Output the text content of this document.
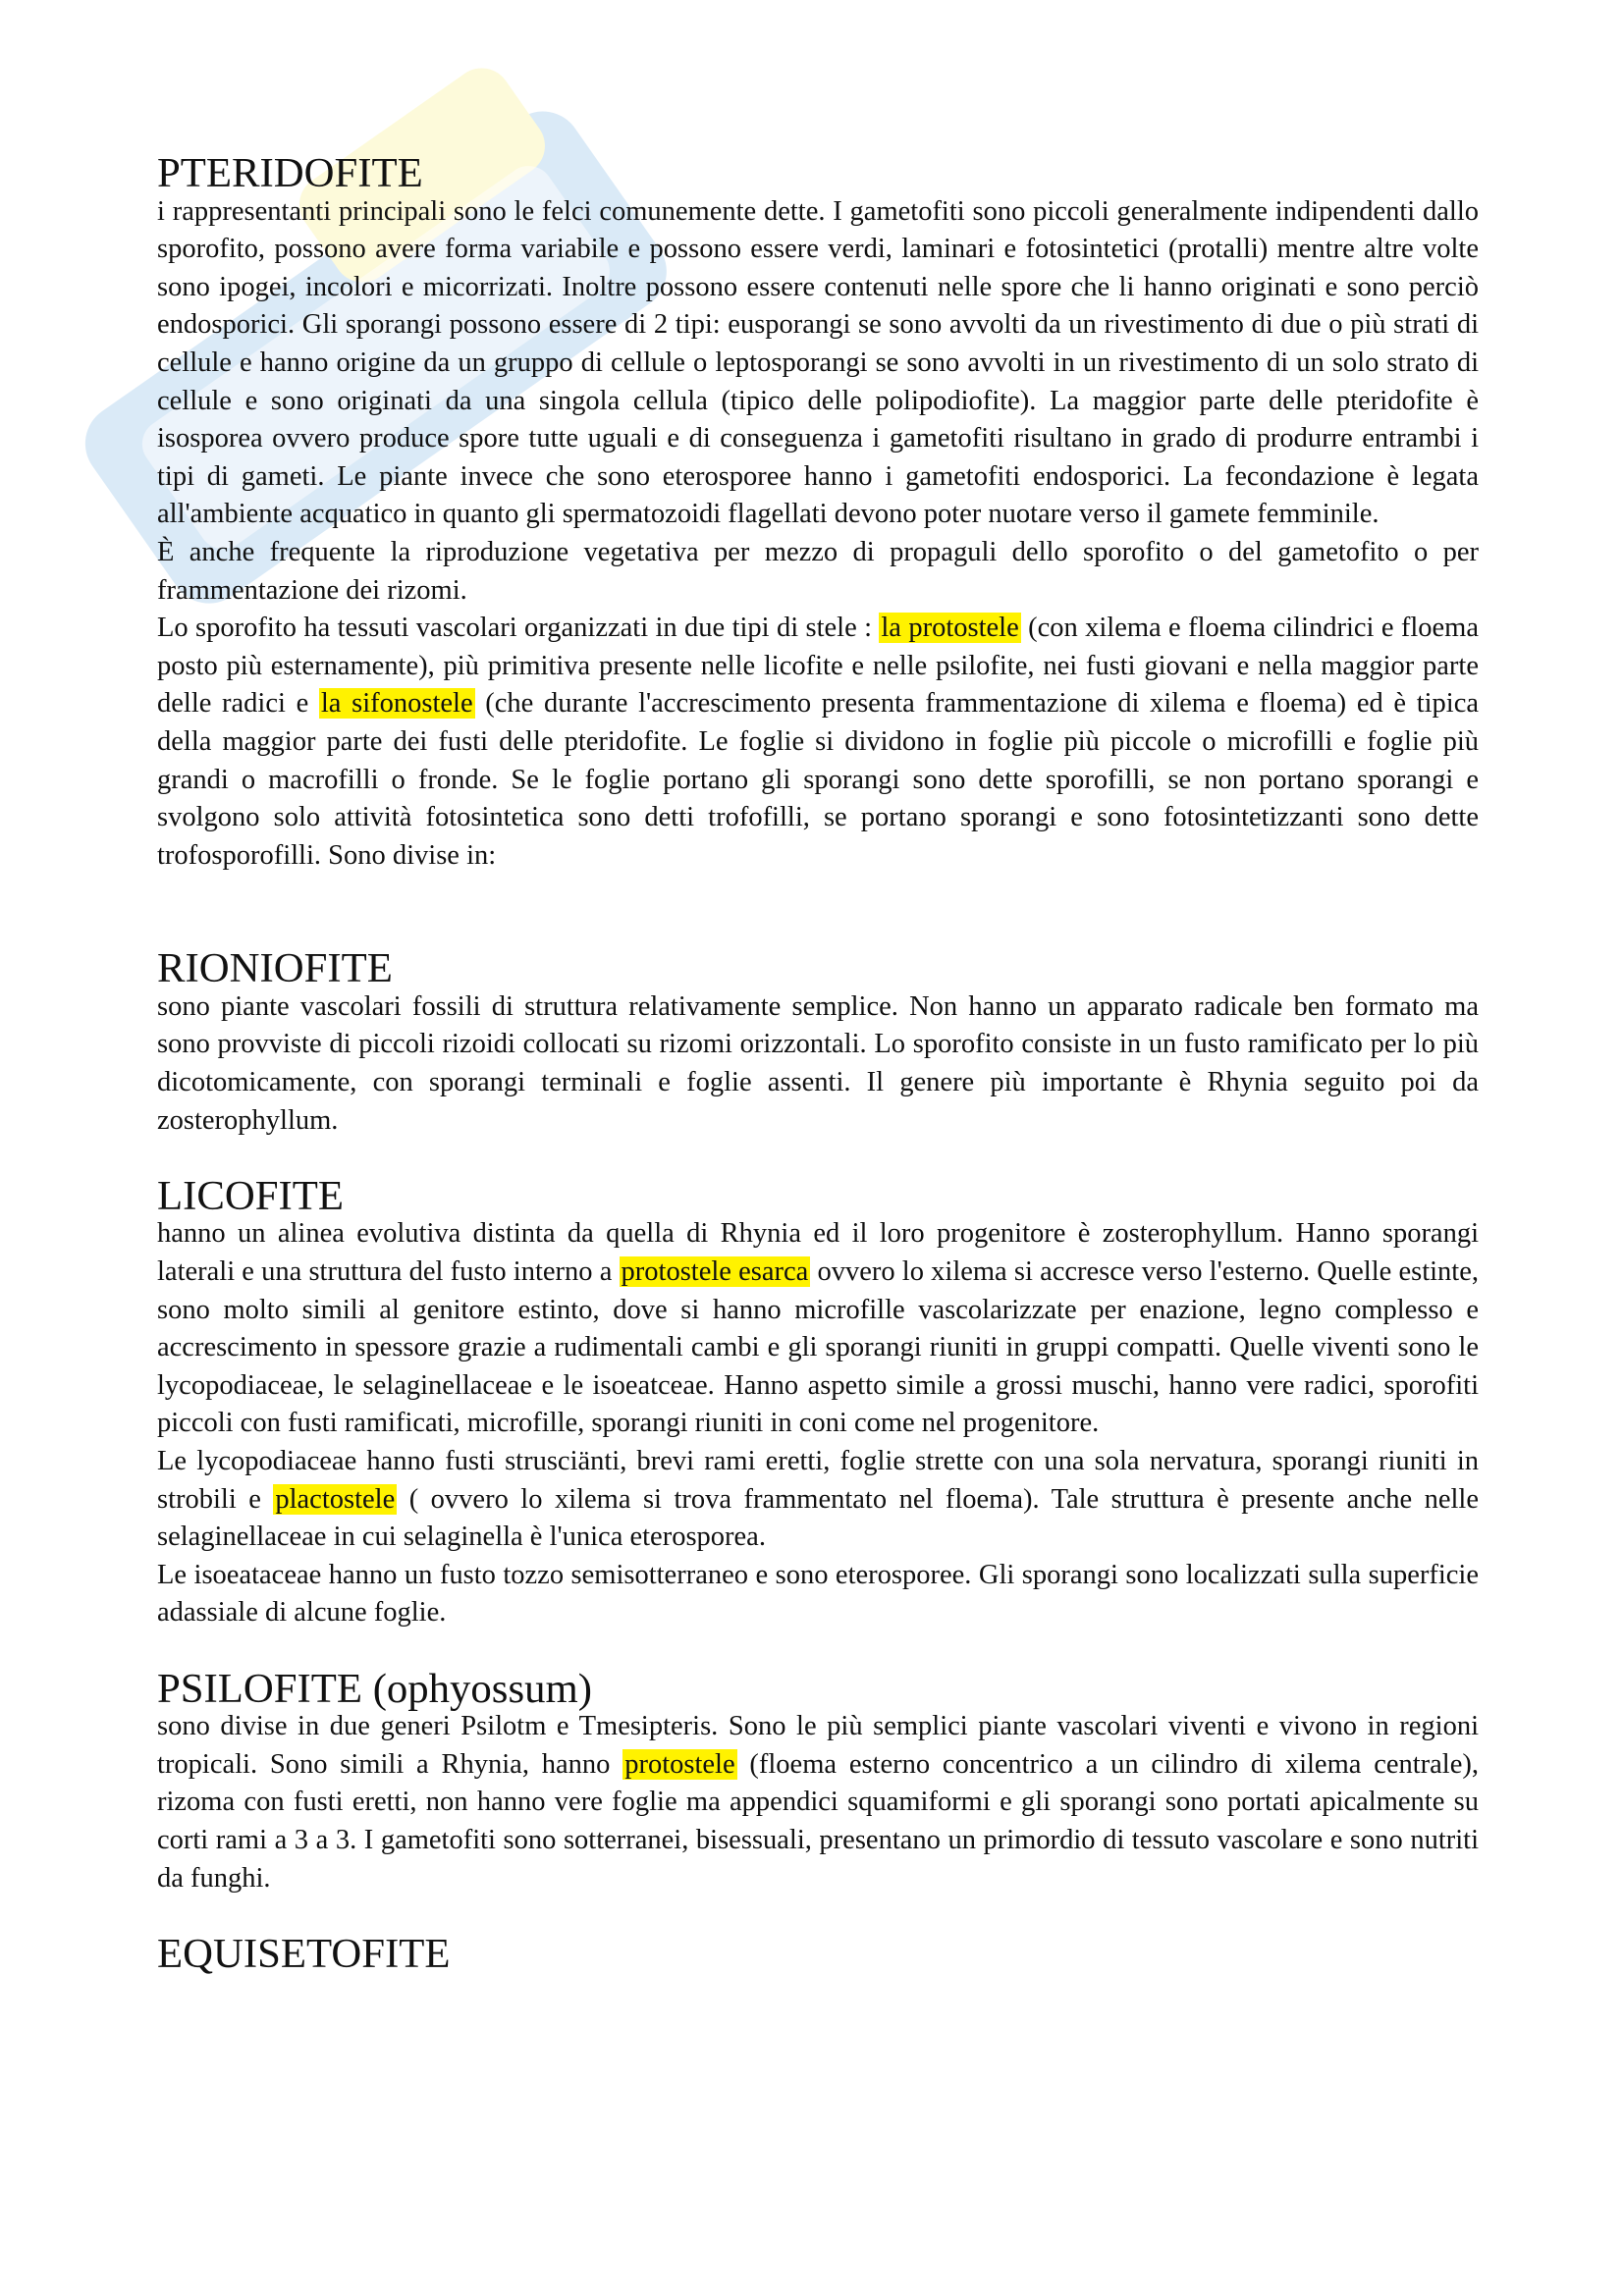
PTERIDOFITE

i rappresentanti principali sono le felci comunemente dette. I gametofiti sono piccoli generalmente indipendenti dallo sporofito, possono avere forma variabile e possono essere verdi, laminari e fotosintetici (protalli) mentre altre volte sono ipogei, incolori e micorrizati. Inoltre possono essere contenuti nelle spore che li hanno originati e sono perciò endosporici. Gli sporangi possono essere di 2 tipi: eusporangi se sono avvolti da un rivestimento di due o più strati di cellule e hanno origine da un gruppo di cellule o leptosporangi se sono avvolti in un rivestimento di un solo strato di cellule e sono originati da una singola cellula (tipico delle polipodiofite). La maggior parte delle pteridofite è isosporea ovvero produce spore tutte uguali e di conseguenza i gametofiti risultano in grado di produrre entrambi i tipi di gameti. Le piante invece che sono eterosporee hanno i gametofiti endosporici. La fecondazione è legata all'ambiente acquatico in quanto gli spermatozoidi flagellati devono poter nuotare verso il gamete femminile.

È anche frequente la riproduzione vegetativa per mezzo di propaguli dello sporofito o del gametofito o per frammentazione dei rizomi.

Lo sporofito ha tessuti vascolari organizzati in due tipi di stele : la protostele (con xilema e floema cilindrici e floema posto più esternamente), più primitiva presente nelle licofite e nelle psilofite, nei fusti giovani e nella maggior parte delle radici e la sifonostele (che durante l'accrescimento presenta frammentazione di xilema e floema) ed è tipica della maggior parte dei fusti delle pteridofite. Le foglie si dividono in foglie più piccole o microfilli e foglie più grandi o macrofilli o fronde. Se le foglie portano gli sporangi sono dette sporofilli, se non portano sporangi e svolgono solo attività fotosintetica sono detti trofofilli, se portano sporangi e sono fotosintetizzanti sono dette trofosporofilli. Sono divise in:

RIONIOFITE

sono piante vascolari fossili di struttura relativamente semplice. Non hanno un apparato radicale ben formato ma sono provviste di piccoli rizoidi collocati su rizomi orizzontali. Lo sporofito consiste in un fusto ramificato per lo più dicotomicamente, con sporangi terminali e foglie assenti. Il genere più importante è Rhynia seguito poi da zosterophyllum.

LICOFITE

hanno un alinea evolutiva distinta da quella di Rhynia ed il loro progenitore è zosterophyllum. Hanno sporangi laterali e una struttura del fusto interno a protostele esarca ovvero lo xilema si accresce verso l'esterno. Quelle estinte, sono molto simili al genitore estinto, dove si hanno microfille vascolarizzate per enazione, legno complesso e accrescimento in spessore grazie a rudimentali cambi e gli sporangi riuniti in gruppi compatti. Quelle viventi sono le lycopodiaceae, le selaginellaceae e le isoeatceae. Hanno aspetto simile a grossi muschi, hanno vere radici, sporofiti piccoli con fusti ramificati, microfille, sporangi riuniti in coni come nel progenitore.

Le lycopodiaceae hanno fusti strusciänti, brevi rami eretti, foglie strette con una sola nervatura, sporangi riuniti in strobili e plactostele ( ovvero lo xilema si trova frammentato nel floema). Tale struttura è presente anche nelle selaginellaceae in cui selaginella è l'unica eterosporea.

Le isoeataceae hanno un fusto tozzo semisotterraneo e sono eterosporee. Gli sporangi sono localizzati sulla superficie adassiale di alcune foglie.

PSILOFITE (ophyossum)

sono divise in due generi Psilotm e Tmesipteris. Sono le più semplici piante vascolari viventi e vivono in regioni tropicali. Sono simili a Rhynia, hanno protostele (floema esterno concentrico a un cilindro di xilema centrale), rizoma con fusti eretti, non hanno vere foglie ma appendici squamiformi e gli sporangi sono portati apicalmente su corti rami a 3 a 3. I gametofiti sono sotterranei, bisessuali, presentano un primordio di tessuto vascolare e sono nutriti da funghi.

EQUISETOFITE
